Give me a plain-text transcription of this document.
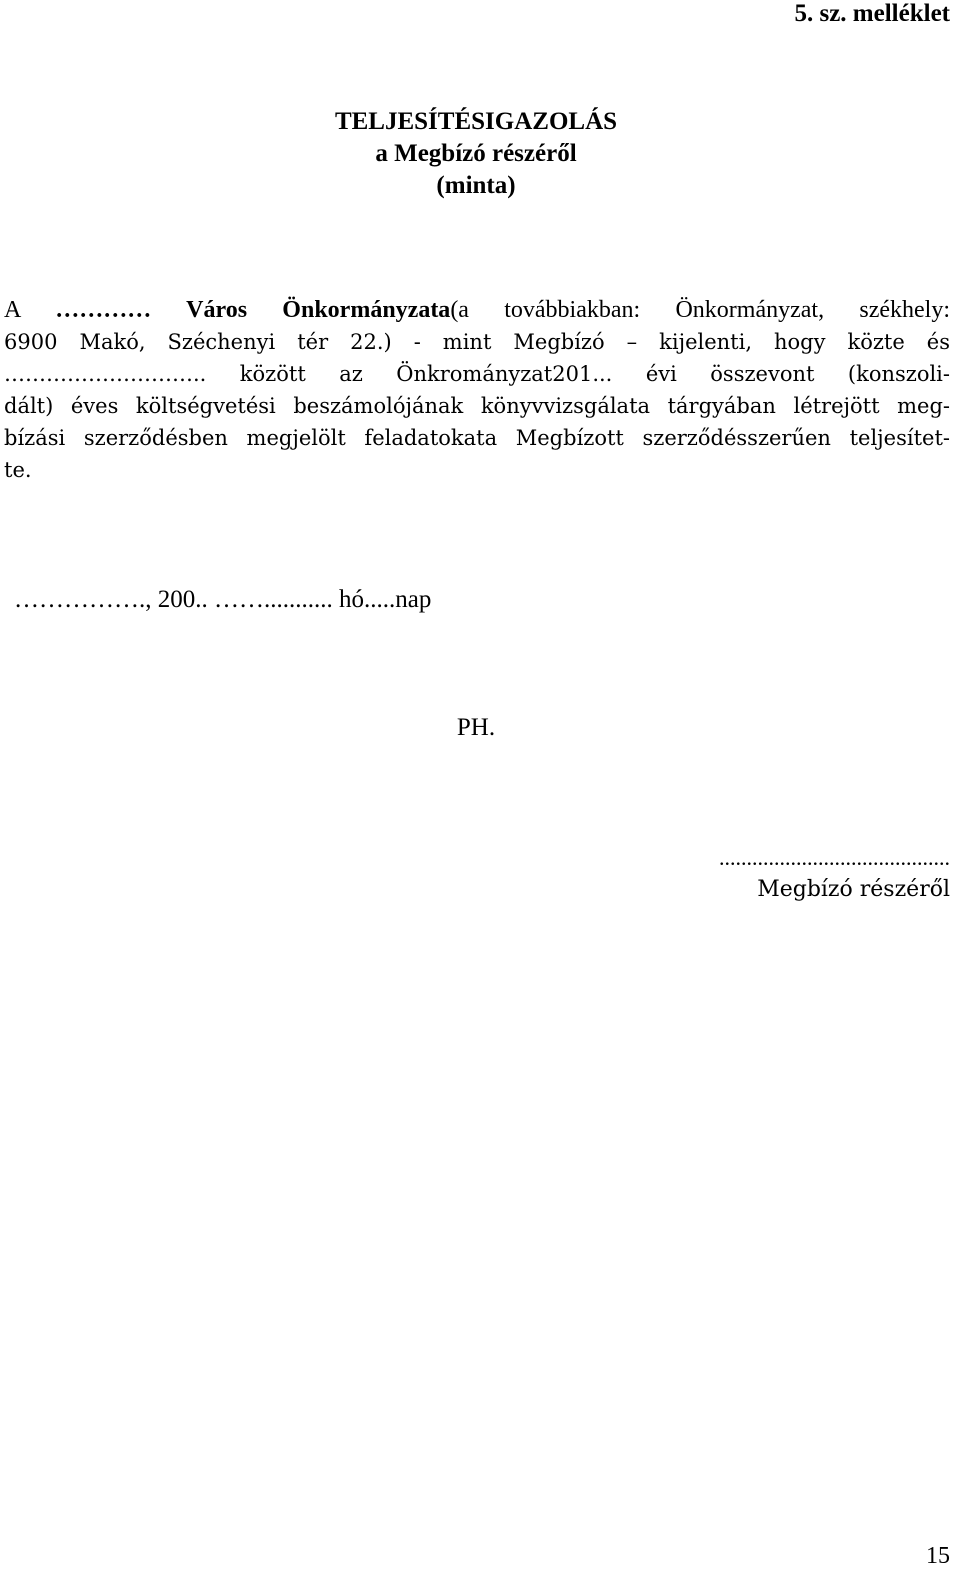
5. sz. melléklet
TELJESÍTÉSIGAZOLÁS
a Megbízó részéről
(minta)
A ………… Város Önkormányzata(a továbbiakban: Önkormányzat, székhely:
6900 Makó, Széchenyi tér 22.) - mint Megbízó – kijelenti, hogy közte és
……………………….. között az Önkrományzat201... évi összevont (konszoli-
dált) éves költségvetési beszámolójának könyvvizsgálata tárgyában létrejött meg-
bízási szerződésben megjelölt feladatokata Megbízott szerződésszerűen teljesítet-
te.
……………., 200.. ……........... hó.....nap
PH.
..........................................
Megbízó részéről
15
